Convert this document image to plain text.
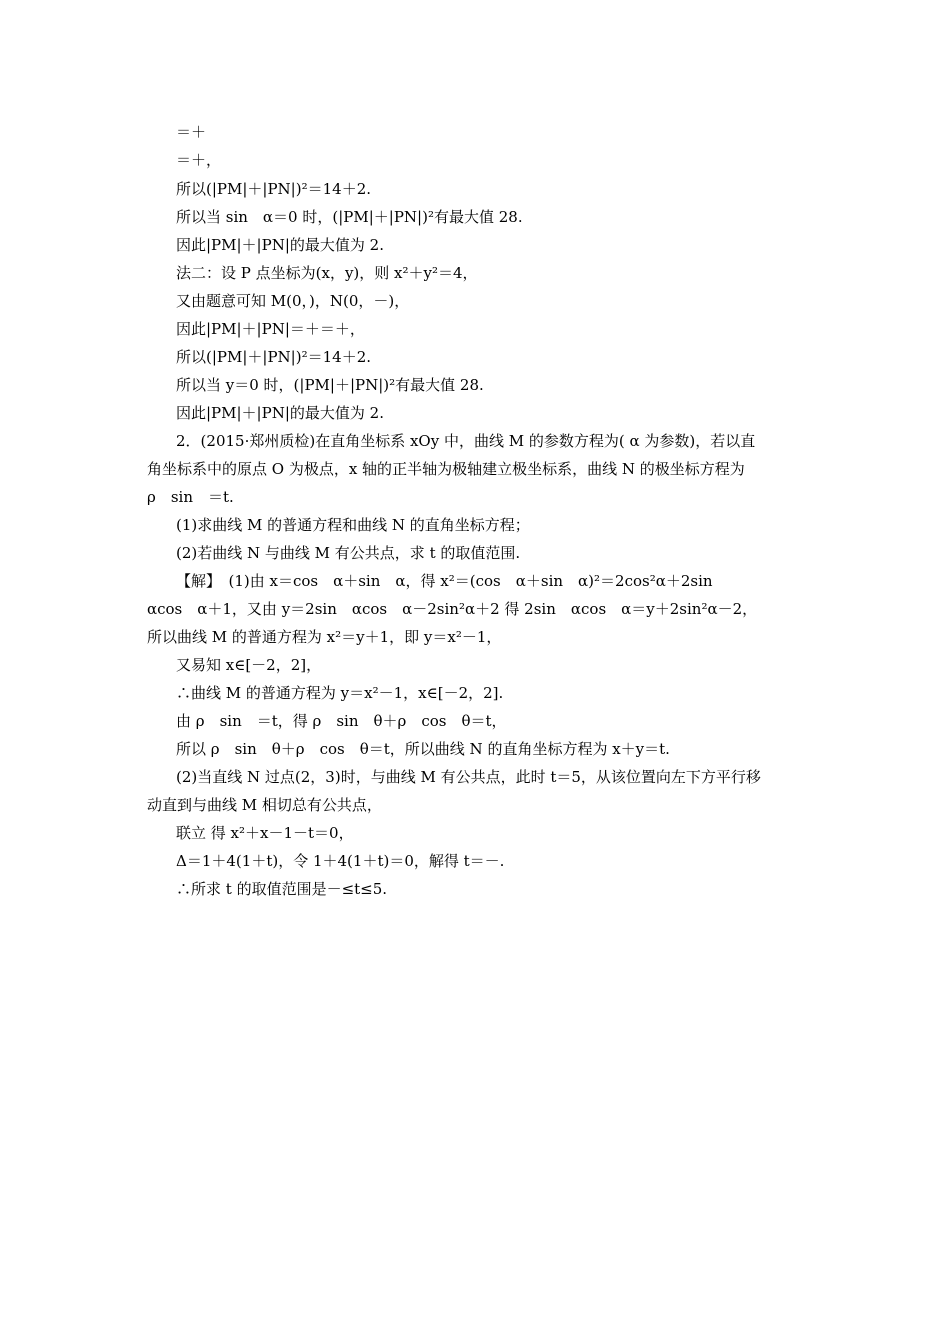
＝＋
＝＋，
所以(|PM|＋|PN|)²＝14＋2.
所以当 sin　α＝0 时，(|PM|＋|PN|)²有最大值 28.
因此|PM|＋|PN|的最大值为 2.
法二：设 P 点坐标为(x，y)，则 x²＋y²＝4，
又由题意可知 M(0，)，N(0，－)，
因此|PM|＋|PN|＝＋＝＋，
所以(|PM|＋|PN|)²＝14＋2.
所以当 y＝0 时，(|PM|＋|PN|)²有最大值 28.
因此|PM|＋|PN|的最大值为 2.
2．(2015·郑州质检)在直角坐标系 xOy 中，曲线 M 的参数方程为( α 为参数)，若以直
角坐标系中的原点 O 为极点，x 轴的正半轴为极轴建立极坐标系，曲线 N 的极坐标方程为
ρ　sin　＝t.
(1)求曲线 M 的普通方程和曲线 N 的直角坐标方程；
(2)若曲线 N 与曲线 M 有公共点，求 t 的取值范围.
【解】　(1)由 x＝cos　α＋sin　α，得 x²＝(cos　α＋sin　α)²＝2cos²α＋2sin
αcos　α＋1，又由 y＝2sin　αcos　α－2sin²α＋2 得 2sin　αcos　α＝y＋2sin²α－2，
所以曲线 M 的普通方程为 x²＝y＋1，即 y＝x²－1，
又易知 x∈[－2，2]，
∴曲线 M 的普通方程为 y＝x²－1，x∈[－2，2].
由 ρ　sin　＝t，得 ρ　sin　θ＋ρ　cos　θ＝t，
所以 ρ　sin　θ＋ρ　cos　θ＝t，所以曲线 N 的直角坐标方程为 x＋y＝t.
(2)当直线 N 过点(2，3)时，与曲线 M 有公共点，此时 t＝5，从该位置向左下方平行移
动直到与曲线 M 相切总有公共点，
联立 得 x²＋x－1－t＝0，
Δ＝1＋4(1＋t)，令 1＋4(1＋t)＝0，解得 t＝－.
∴所求 t 的取值范围是－≤t≤5.
